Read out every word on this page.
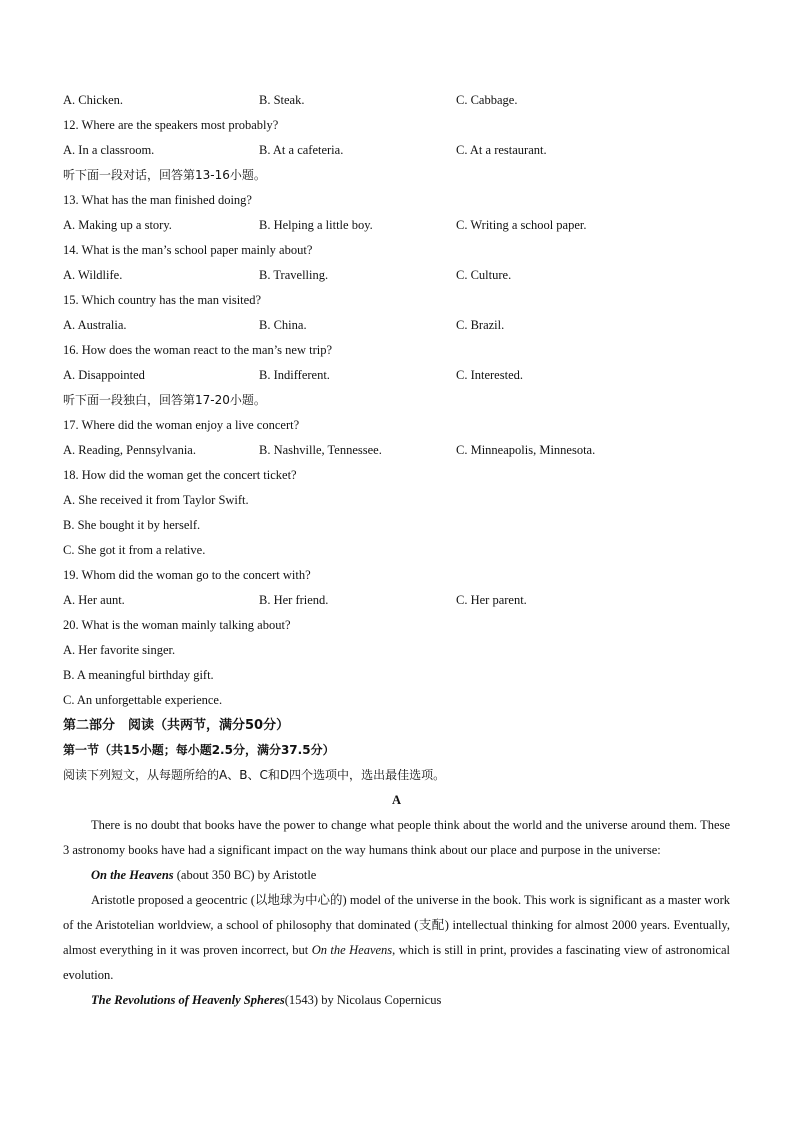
A. Chicken.	B. Steak.	C. Cabbage.
12. Where are the speakers most probably?
A. In a classroom.	B. At a cafeteria.	C. At a restaurant.
听下面一段对话，回答第13-16小题。
13. What has the man finished doing?
A. Making up a story.	B. Helping a little boy.	C. Writing a school paper.
14. What is the man’s school paper mainly about?
A. Wildlife.	B. Travelling.	C. Culture.
15. Which country has the man visited?
A. Australia.	B. China.	C. Brazil.
16. How does the woman react to the man’s new trip?
A. Disappointed	B. Indifferent.	C. Interested.
听下面一段独白，回答第17-20小题。
17. Where did the woman enjoy a live concert?
A. Reading, Pennsylvania.	B. Nashville, Tennessee.	C. Minneapolis, Minnesota.
18. How did the woman get the concert ticket?
A. She received it from Taylor Swift.
B. She bought it by herself.
C. She got it from a relative.
19. Whom did the woman go to the concert with?
A. Her aunt.	B. Her friend.	C. Her parent.
20. What is the woman mainly talking about?
A. Her favorite singer.
B. A meaningful birthday gift.
C. An unforgettable experience.
第二部分　阅读（共两节，满分50分）
第一节（共15小题；每小题2.5分，满分37.5分）
阅读下列短文，从每题所给的A、B、C和D四个选项中，选出最佳选项。
A

There is no doubt that books have the power to change what people think about the world and the universe around them. These 3 astronomy books have had a significant impact on the way humans think about our place and purpose in the universe:

On the Heavens (about 350 BC) by Aristotle

Aristotle proposed a geocentric (以地球为中心的) model of the universe in the book. This work is significant as a master work of the Aristotelian worldview, a school of philosophy that dominated (支配) intellectual thinking for almost 2000 years. Eventually, almost everything in it was proven incorrect, but On the Heavens, which is still in print, provides a fascinating view of astronomical evolution.

The Revolutions of Heavenly Spheres(1543) by Nicolaus Copernicus
